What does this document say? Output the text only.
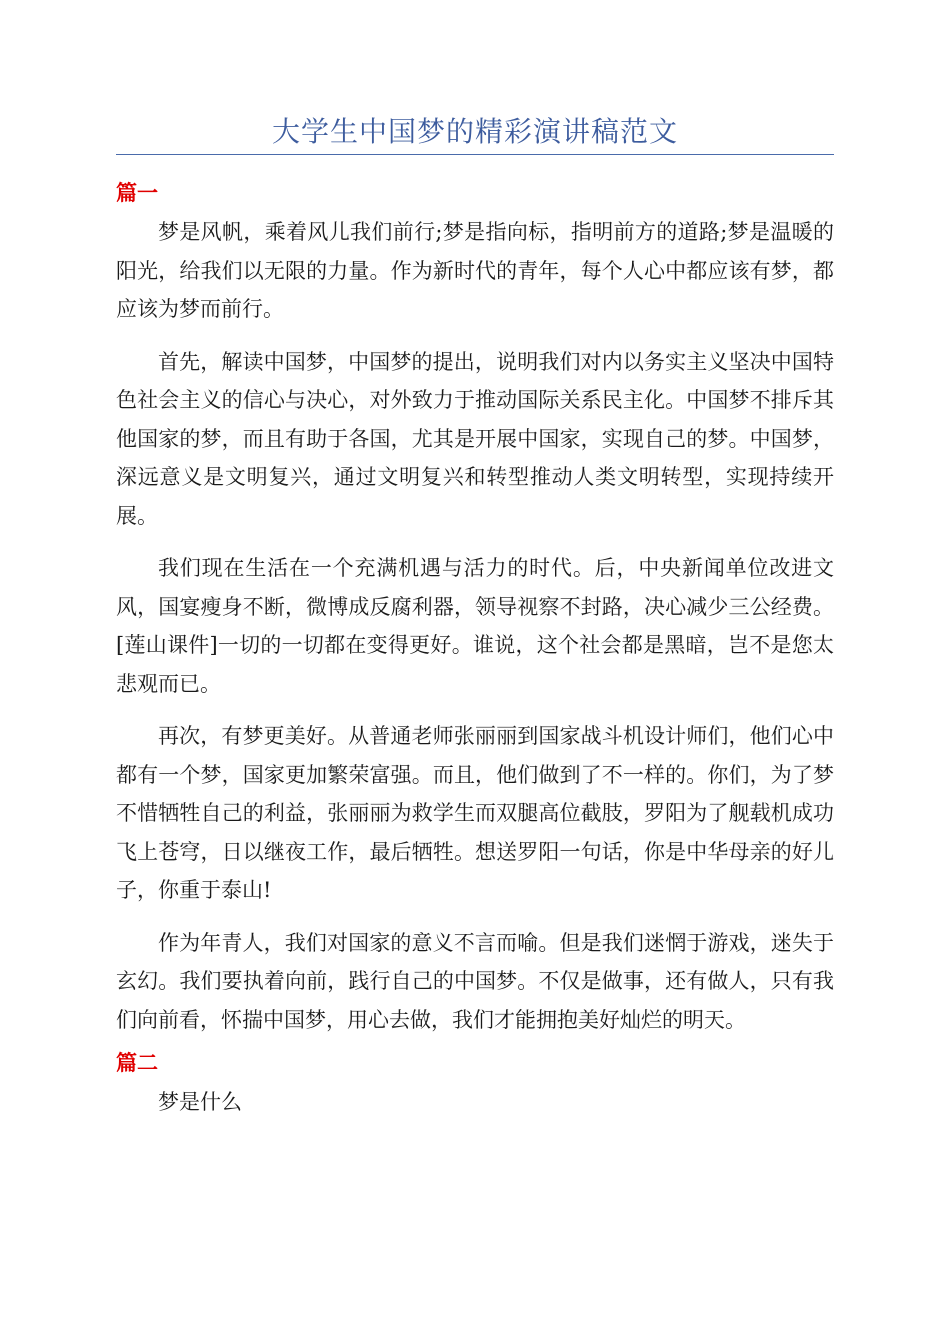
大学生中国梦的精彩演讲稿范文
篇一

梦是风帆，乘着风儿我们前行;梦是指向标，指明前方的道路;梦是温暖的阳光，给我们以无限的力量。作为新时代的青年，每个人心中都应该有梦，都应该为梦而前行。

首先，解读中国梦，中国梦的提出，说明我们对内以务实主义坚决中国特色社会主义的信心与决心，对外致力于推动国际关系民主化。中国梦不排斥其他国家的梦，而且有助于各国，尤其是开展中国家，实现自己的梦。中国梦，深远意义是文明复兴，通过文明复兴和转型推动人类文明转型，实现持续开展。

我们现在生活在一个充满机遇与活力的时代。后，中央新闻单位改进文风，国宴瘦身不断，微博成反腐利器，领导视察不封路，决心减少三公经费。[莲山课件]一切的一切都在变得更好。谁说，这个社会都是黑暗，岂不是您太悲观而已。

再次，有梦更美好。从普通老师张丽丽到国家战斗机设计师们，他们心中都有一个梦，国家更加繁荣富强。而且，他们做到了不一样的。你们，为了梦不惜牺牲自己的利益，张丽丽为救学生而双腿高位截肢，罗阳为了舰载机成功飞上苍穹，日以继夜工作，最后牺牲。想送罗阳一句话，你是中华母亲的好儿子，你重于泰山!

作为年青人，我们对国家的意义不言而喻。但是我们迷惘于游戏，迷失于玄幻。我们要执着向前，践行自己的中国梦。不仅是做事，还有做人，只有我们向前看，怀揣中国梦，用心去做，我们才能拥抱美好灿烂的明天。

篇二

梦是什么
